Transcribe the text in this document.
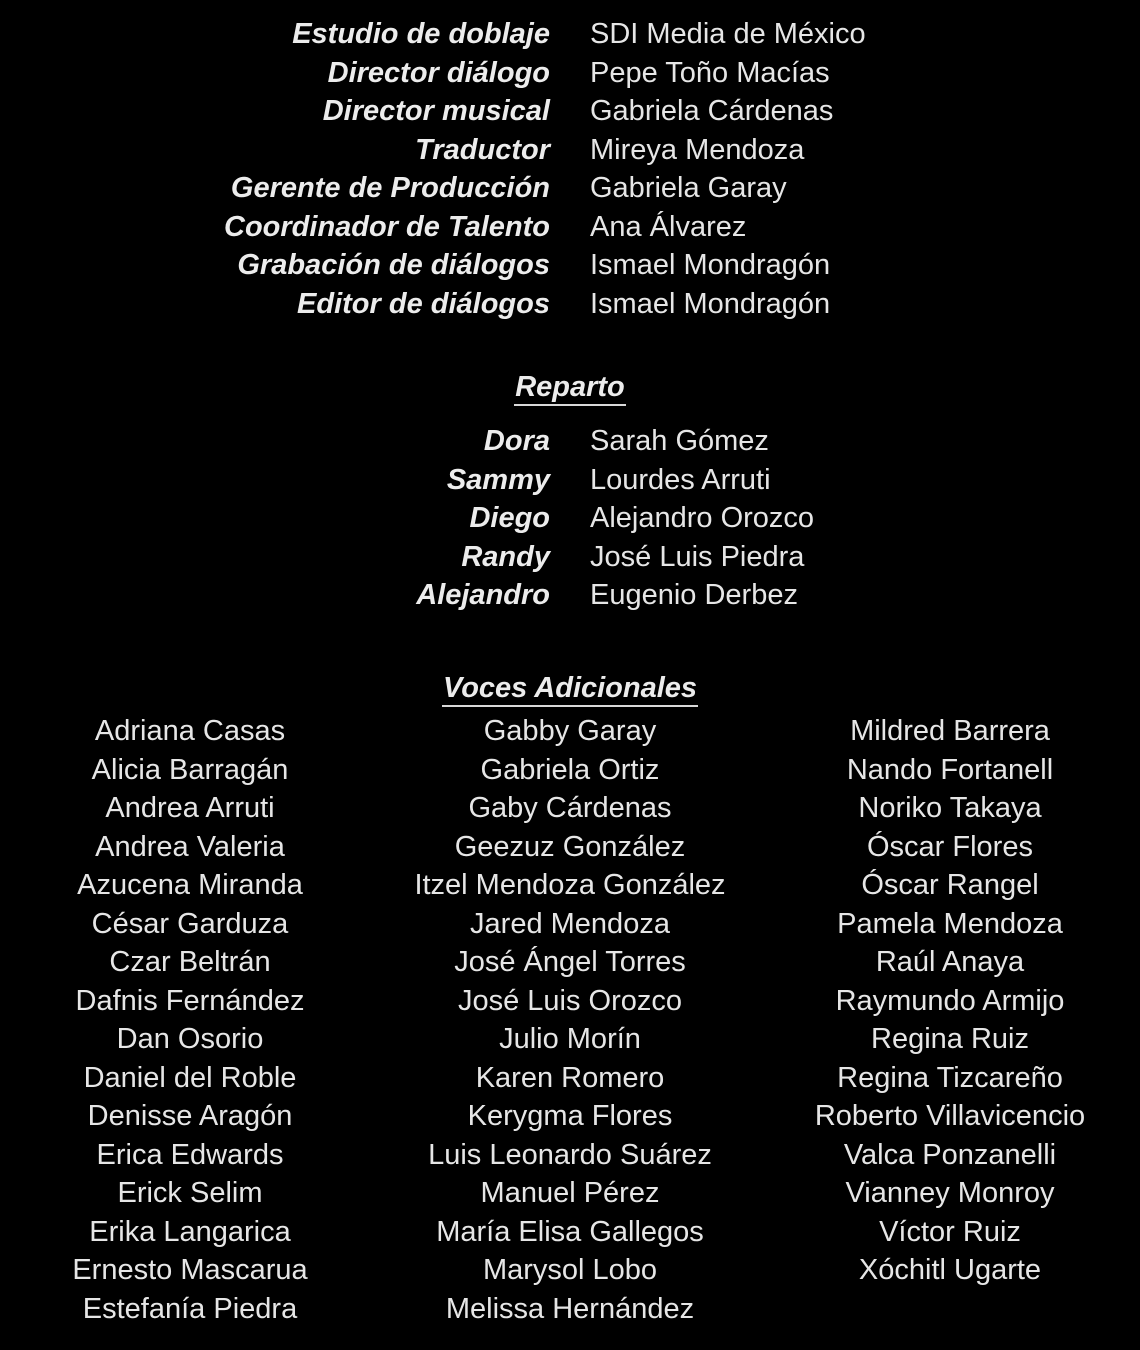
Estudio de doblaje SDI Media de México
Director diálogo Pepe Toño Macías
Director musical Gabriela Cárdenas
Traductor Mireya Mendoza
Gerente de Producción Gabriela Garay
Coordinador de Talento Ana Álvarez
Grabación de diálogos Ismael Mondragón
Editor de diálogos Ismael Mondragón
Reparto
Dora Sarah Gómez
Sammy Lourdes Arruti
Diego Alejandro Orozco
Randy José Luis Piedra
Alejandro Eugenio Derbez
Voces Adicionales
Adriana Casas
Alicia Barragán
Andrea Arruti
Andrea Valeria
Azucena Miranda
César Garduza
Czar Beltrán
Dafnis Fernández
Dan Osorio
Daniel del Roble
Denisse Aragón
Erica Edwards
Erick Selim
Erika Langarica
Ernesto Mascarua
Estefanía Piedra
Gabby Garay
Gabriela Ortiz
Gaby Cárdenas
Geezuz González
Itzel Mendoza González
Jared Mendoza
José Ángel Torres
José Luis Orozco
Julio Morín
Karen Romero
Kerygma Flores
Luis Leonardo Suárez
Manuel Pérez
María Elisa Gallegos
Marysol Lobo
Melissa Hernández
Mildred Barrera
Nando Fortanell
Noriko Takaya
Óscar Flores
Óscar Rangel
Pamela Mendoza
Raúl Anaya
Raymundo Armijo
Regina Ruiz
Regina Tizcareño
Roberto Villavicencio
Valca Ponzanelli
Vianney Monroy
Víctor Ruiz
Xóchitl Ugarte
